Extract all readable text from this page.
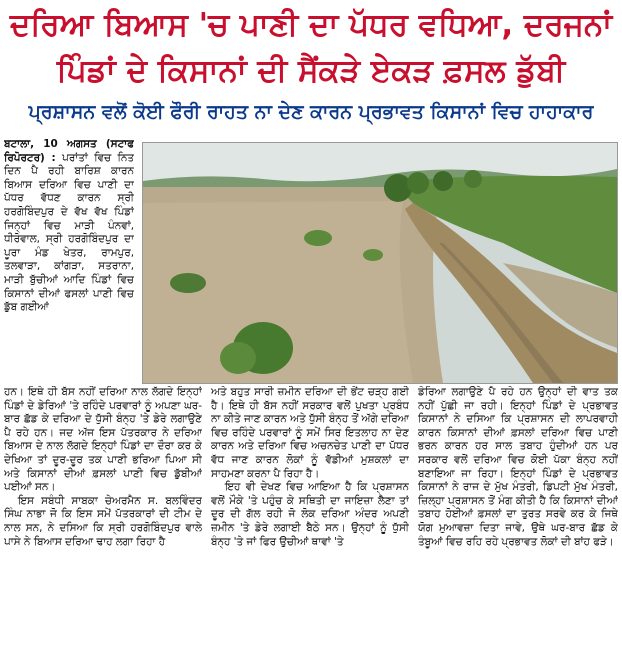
ਦਰਿਆ ਬਿਆਸ 'ਚ ਪਾਣੀ ਦਾ ਪੱਧਰ ਵਧਿਆ, ਦਰਜਨਾਂ
ਪਿੰਡਾਂ ਦੇ ਕਿਸਾਨਾਂ ਦੀ ਸੈਂਕੜੇ ਏਕੜ ਫ਼ਸਲ ਡੁੱਬੀ
ਪ੍ਰਸ਼ਾਸਨ ਵਲੋਂ ਕੋਈ ਫੌਰੀ ਰਾਹਤ ਨਾ ਦੇਣ ਕਾਰਨ ਪ੍ਰਭਾਵਤ ਕਿਸਾਨਾਂ ਵਿਚ ਹਾਹਾਕਾਰ

ਬਟਾਲਾ, 10 ਅਗਸਤ (ਸਟਾਫ ਰਿਪੋਰਟਰ) : ਪਰਾਂਤਾਂ ਵਿਚ ਨਿਤ ਦਿਨ ਪੈ ਰਹੀ ਬਾਰਿਸ਼ ਕਾਰਨ ਬਿਆਸ ਦਰਿਆ ਵਿਚ ਪਾਣੀ ਦਾ ਪੱਧਰ ਵੱਧਣ ਕਾਰਨ ਸ੍ਰੀ ਹਰਗੋਬਿੰਦਪੁਰ ਦੇ ਵੱਖ ਵੱਖ ਪਿੰਡਾਂ ਜਿਨ੍ਹਾਂ ਵਿਚ ਮਾੜੀ ਪੰਨਵਾਂ, ਧੀਰੋਵਾਲ, ਸ੍ਰੀ ਹਰਗੋਬਿੰਦਪੁਰ ਦਾ ਪੂਰਾ ਮੰਡ ਖੇਤਰ, ਰਾਮਪੁਰ, ਤਲਵਾੜਾ, ਕਾਂਗੜਾ, ਸਤਰਾਨਾ, ਮਾੜੀ ਬੁੱਚੀਆਂ ਆਦਿ ਪਿੰਡਾਂ ਵਿਚ ਕਿਸਾਨਾਂ ਦੀਆਂ ਫਸਲਾਂ ਪਾਣੀ ਵਿਚ ਡੁੱਬ ਗਈਆਂ

ਹਨ। ਇਥੇ ਹੀ ਬੱਸ ਨਹੀਂ ਦਰਿਆ ਨਾਲ ਲੱਗਦੇ ਇਨ੍ਹਾਂ ਪਿੰਡਾਂ ਦੇ ਡੇਰਿਆਂ 'ਤੇ ਰਹਿੰਦੇ ਪਰਵਾਰਾਂ ਨੂੰ ਅਪਣਾ ਘਰ-ਬਾਰ ਛੱਡ ਕੇ ਦਰਿਆ ਦੇ ਧੁੱਸੀ ਬੰਨ੍ਹ 'ਤੇ ਡੇਰੇ ਲਗਾਉਣੇ ਪੈ ਰਹੇ ਹਨ। ਜਦ ਅੱਜ ਇਸ ਪੱਤਰਕਾਰ ਨੇ ਦਰਿਆ ਬਿਆਸ ਦੇ ਨਾਲ ਲੱਗਦੇ ਇਨ੍ਹਾਂ ਪਿੰਡਾਂ ਦਾ ਦੌਰਾ ਕਰ ਕੇ ਦੇਖਿਆ ਤਾਂ ਦੂਰ-ਦੂਰ ਤਕ ਪਾਣੀ ਭਰਿਆ ਪਿਆ ਸੀ ਅਤੇ ਕਿਸਾਨਾਂ ਦੀਆਂ ਫ਼ਸਲਾਂ ਪਾਣੀ ਵਿਚ ਡੁੱਬੀਆਂ ਪਈਆਂ ਸਨ।

ਇਸ ਸਬੰਧੀ ਸਾਬਕਾ ਚੇਅਰਮੈਨ ਸ. ਬਲਵਿੰਦਰ ਸਿੰਘ ਨਾਭਾ ਜੋ ਕਿ ਇਸ ਸਮੇਂ ਪੱਤਰਕਾਰਾਂ ਦੀ ਟੀਮ ਦੇ ਨਾਲ ਸਨ, ਨੇ ਦਸਿਆ ਕਿ ਸ੍ਰੀ ਹਰਗੋਬਿੰਦਪੁਰ ਵਾਲੇ ਪਾਸੇ ਨੇ ਬਿਆਸ ਦਰਿਆ ਢਾਹ ਲਗਾ ਰਿਹਾ ਹੈ

ਅਤੇ ਬਹੁਤ ਸਾਰੀ ਜ਼ਮੀਨ ਦਰਿਆ ਦੀ ਭੇਂਟ ਚੜ੍ਹ ਗਈ ਹੈ। ਇਥੇ ਹੀ ਬੱਸ ਨਹੀਂ ਸਰਕਾਰ ਵਲੋਂ ਪੁਖਤਾ ਪ੍ਰਬੰਧ ਨਾ ਕੀਤੇ ਜਾਣ ਕਾਰਨ ਅਤੇ ਧੁੱਸੀ ਬੰਨ੍ਹ ਤੋਂ ਅੱਗੇ ਦਰਿਆ ਵਿਚ ਰਹਿੰਦੇ ਪਰਵਾਰਾਂ ਨੂੰ ਸਮੇਂ ਸਿਰ ਇਤਲਾਹ ਨਾ ਦੇਣ ਕਾਰਨ ਅਤੇ ਦਰਿਆ ਵਿਚ ਅਚਨਚੇਤ ਪਾਣੀ ਦਾ ਪੱਧਰ ਵੱਧ ਜਾਣ ਕਾਰਨ ਲੋਕਾਂ ਨੂੰ ਵੱਡੀਆਂ ਮੁਸ਼ਕਲਾਂ ਦਾ ਸਾਹਮਣਾ ਕਰਨਾ ਪੈ ਰਿਹਾ ਹੈ।

ਇਹ ਵੀ ਦੇਖਣ ਵਿਚ ਆਇਆ ਹੈ ਕਿ ਪ੍ਰਸ਼ਾਸਨ ਵਲੋਂ ਮੌਕੇ 'ਤੇ ਪਹੁੰਚ ਕੇ ਸਥਿਤੀ ਦਾ ਜਾਇਜ਼ਾ ਲੈਣਾ ਤਾਂ ਦੂਰ ਦੀ ਗੱਲ ਰਹੀ ਜੋ ਲੋਕ ਦਰਿਆ ਅੰਦਰ ਅਪਣੀ ਜ਼ਮੀਨ 'ਤੇ ਡੇਰੇ ਲਗਾਈ ਬੈਠੇ ਸਨ। ਉਨ੍ਹਾਂ ਨੂੰ ਧੁੱਸੀ ਬੰਨ੍ਹ 'ਤੇ ਜਾਂ ਫਿਰ ਉਚੀਆਂ ਥਾਵਾਂ 'ਤੇ

ਡੇਰਿਆ ਲਗਾਉਣੇ ਪੈ ਰਹੇ ਹਨ ਉਨ੍ਹਾਂ ਦੀ ਵਾਤ ਤਕ ਨਹੀਂ ਪੁੱਛੀ ਜਾ ਰਹੀ। ਇਨ੍ਹਾਂ ਪਿੰਡਾਂ ਦੇ ਪ੍ਰਭਾਵਤ ਕਿਸਾਨਾਂ ਨੇ ਦਸਿਆ ਕਿ ਪ੍ਰਸ਼ਾਸਨ ਦੀ ਲਾਪਰਵਾਹੀ ਕਾਰਨ ਕਿਸਾਨਾਂ ਦੀਆਂ ਫ਼ਸਲਾਂ ਦਰਿਆ ਵਿਚ ਪਾਣੀ ਭਰਨ ਕਾਰਨ ਹਰ ਸਾਲ ਤਬਾਹ ਹੁੰਦੀਆਂ ਹਨ ਪਰ ਸਰਕਾਰ ਵਲੋਂ ਦਰਿਆ ਵਿਚ ਕੋਈ ਪੱਕਾ ਬੰਨ੍ਹ ਨਹੀਂ ਬਣਾਇਆ ਜਾ ਰਿਹਾ। ਇਨ੍ਹਾਂ ਪਿੰਡਾਂ ਦੇ ਪ੍ਰਭਾਵਤ ਕਿਸਾਨਾਂ ਨੇ ਰਾਜ ਦੇ ਮੁੱਖ ਮੰਤਰੀ, ਡਿਪਟੀ ਮੁੱਖ ਮੰਤਰੀ, ਜ਼ਿਲ੍ਹਾ ਪ੍ਰਸ਼ਾਸਨ ਤੋਂ ਮੰਗ ਕੀਤੀ ਹੈ ਕਿ ਕਿਸਾਨਾਂ ਦੀਆਂ ਤਬਾਹ ਹੋਈਆਂ ਫ਼ਸਲਾਂ ਦਾ ਤੁਰਤ ਸਰਵੇ ਕਰ ਕੇ ਜਿਥੇ ਯੋਗ ਮੁਆਵਜ਼ਾ ਦਿਤਾ ਜਾਵੇ, ਉਥੇ ਘਰ-ਬਾਰ ਛੱਡ ਕੇ ਤੰਬੂਆਂ ਵਿਚ ਰਹਿ ਰਹੇ ਪ੍ਰਭਾਵਤ ਲੋਕਾਂ ਦੀ ਬਾਂਹ ਫੜੇ।
